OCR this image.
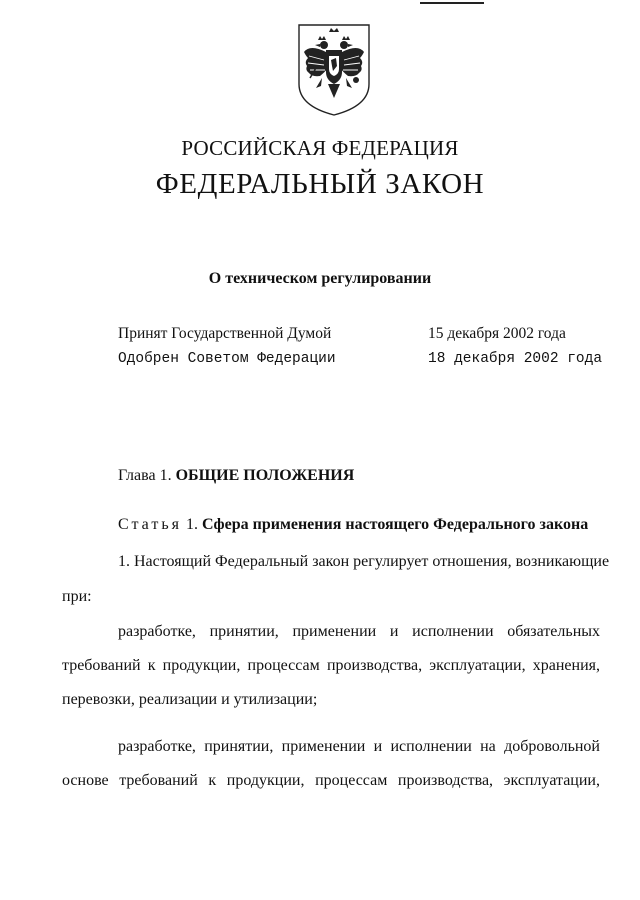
РОССИЙСКАЯ ФЕДЕРАЦИЯ
ФЕДЕРАЛЬНЫЙ ЗАКОН
О техническом регулировании
Принят Государственной Думой	15 декабря 2002 года
Одобрен Советом Федерации	18 декабря 2002 года
Глава 1. ОБЩИЕ ПОЛОЖЕНИЯ
Статья 1. Сфера применения настоящего Федерального закона
1. Настоящий Федеральный закон регулирует отношения, возникающие
при:
разработке, принятии, применении и исполнении обязательных
требований к продукции, процессам производства, эксплуатации, хранения,
перевозки, реализации и утилизации;
разработке, принятии, применении и исполнении на добровольной
основе требований к продукции, процессам производства, эксплуатации,
